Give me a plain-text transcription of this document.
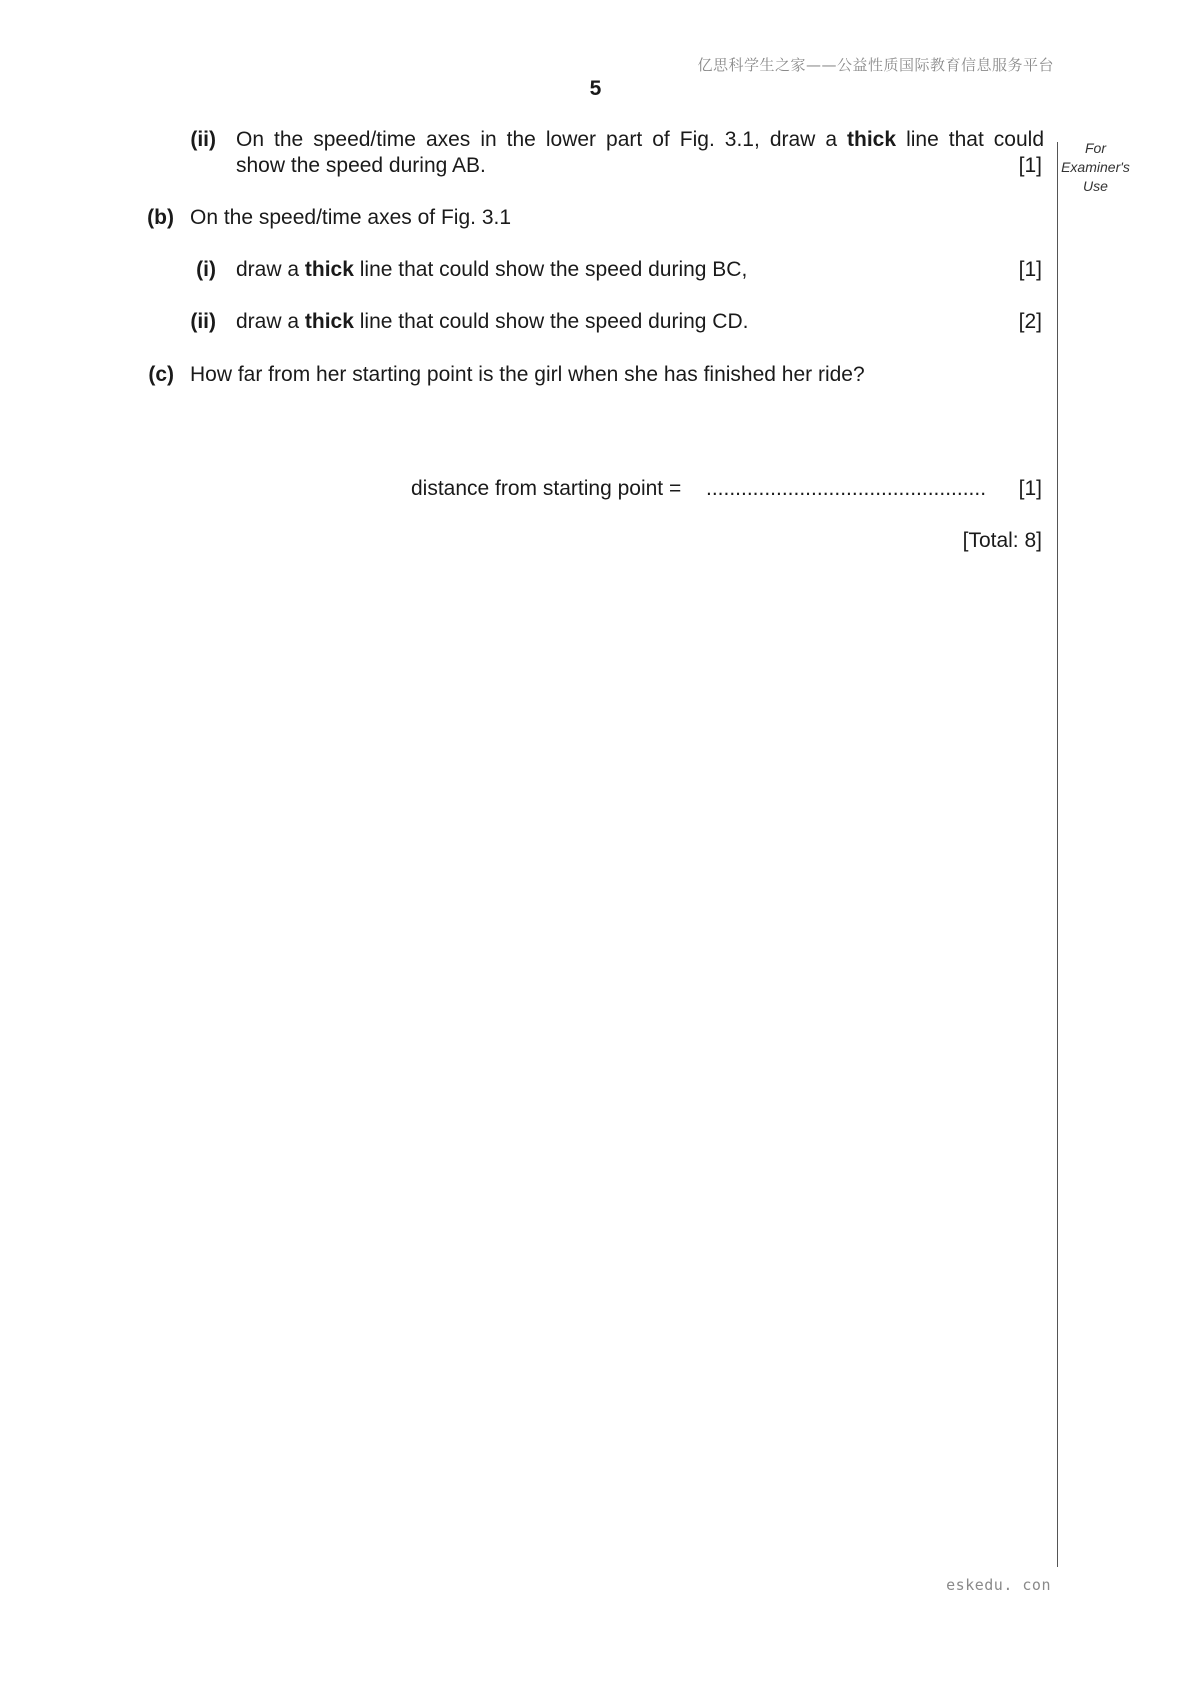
亿思科学生之家——公益性质国际教育信息服务平台
5
For
Examiner's
Use
(ii) On the speed/time axes in the lower part of Fig. 3.1, draw a thick line that could
show the speed during AB.	[1]
(b) On the speed/time axes of Fig. 3.1
(i) draw a thick line that could show the speed during BC,	[1]
(ii) draw a thick line that could show the speed during CD.	[2]
(c) How far from her starting point is the girl when she has finished her ride?
distance from starting point = ................................................	[1]
[Total: 8]
eskedu. con
